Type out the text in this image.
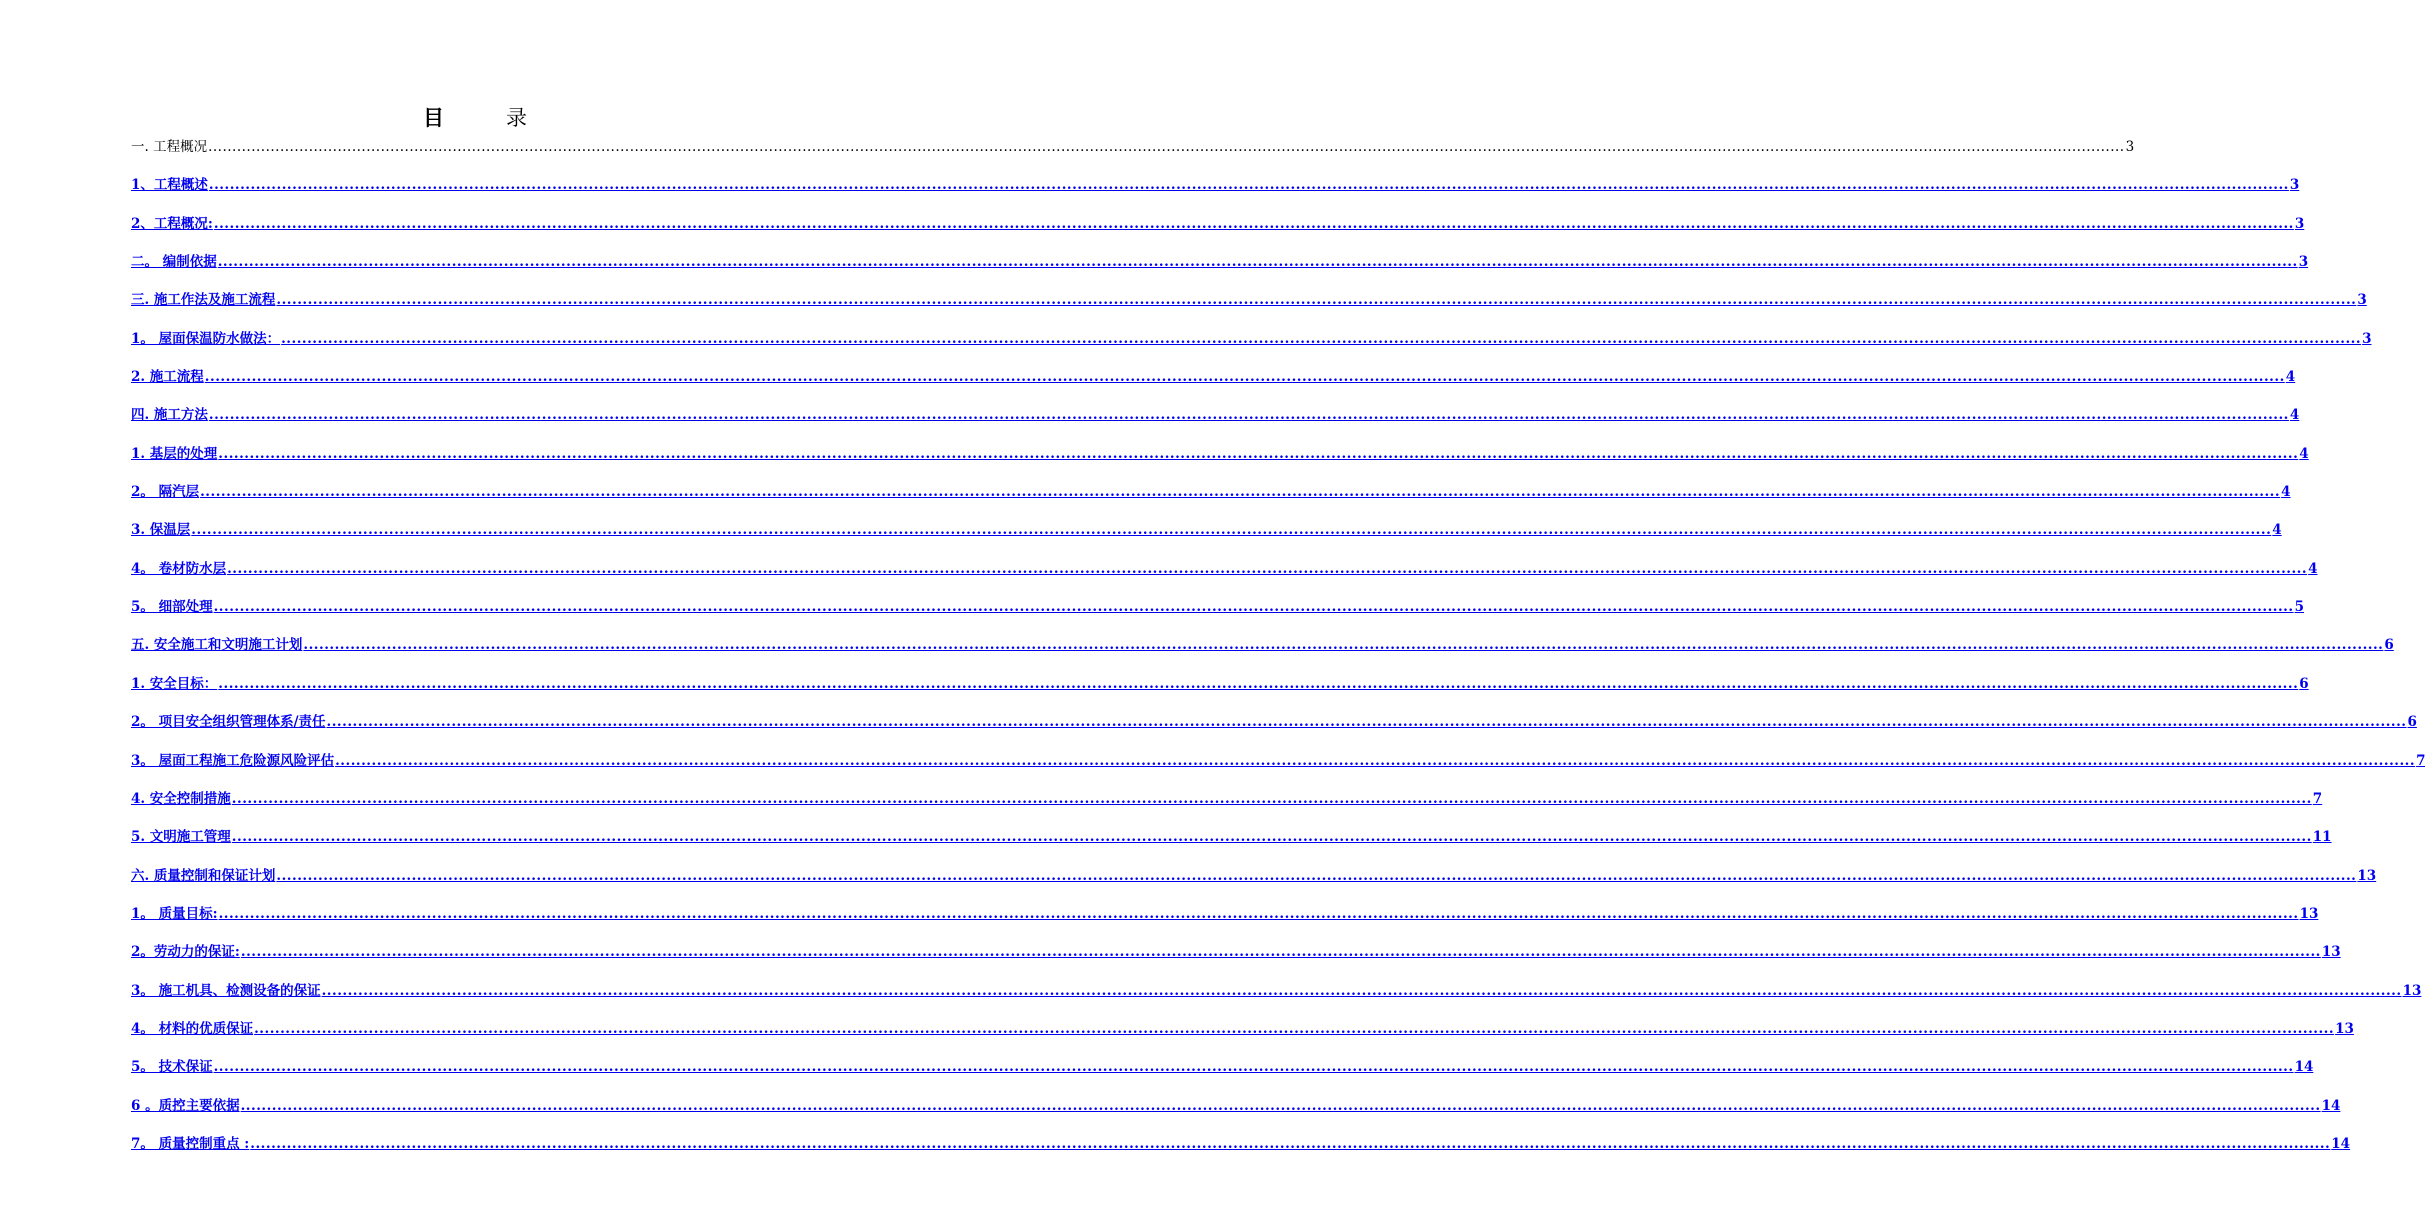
目	录
一. 工程概况 ................................................................................................................................................................................................................................................................................................................................................................................................................ 3
1、工程概述 ................................................................................................................................................................................................................................................................................................................................................................................................................ 3
2、工程概况: ................................................................................................................................................................................................................................................................................................................................................................................................................ 3
二。 编制依据 ................................................................................................................................................................................................................................................................................................................................................................................................................ 3
三. 施工作法及施工流程 ................................................................................................................................................................................................................................................................................................................................................................................................................ 3
1。 屋面保温防水做法： ................................................................................................................................................................................................................................................................................................................................................................................................................ 3
2. 施工流程 ................................................................................................................................................................................................................................................................................................................................................................................................................ 4
四. 施工方法 ................................................................................................................................................................................................................................................................................................................................................................................................................ 4
1. 基层的处理 ................................................................................................................................................................................................................................................................................................................................................................................................................ 4
2。 隔汽层 ................................................................................................................................................................................................................................................................................................................................................................................................................ 4
3. 保温层 ................................................................................................................................................................................................................................................................................................................................................................................................................ 4
4。 卷材防水层 ................................................................................................................................................................................................................................................................................................................................................................................................................ 4
5。 细部处理 ................................................................................................................................................................................................................................................................................................................................................................................................................ 5
五. 安全施工和文明施工计划 ................................................................................................................................................................................................................................................................................................................................................................................................................ 6
1. 安全目标： ................................................................................................................................................................................................................................................................................................................................................................................................................ 6
2。 项目安全组织管理体系/责任 ................................................................................................................................................................................................................................................................................................................................................................................................................ 6
3。 屋面工程施工危险源风险评估 ................................................................................................................................................................................................................................................................................................................................................................................................................ 7
4. 安全控制措施 ................................................................................................................................................................................................................................................................................................................................................................................................................ 7
5. 文明施工管理 ................................................................................................................................................................................................................................................................................................................................................................................................................ 11
六. 质量控制和保证计划 ................................................................................................................................................................................................................................................................................................................................................................................................................ 13
1。 质量目标: ................................................................................................................................................................................................................................................................................................................................................................................................................ 13
2。劳动力的保证: ................................................................................................................................................................................................................................................................................................................................................................................................................ 13
3。 施工机具、检测设备的保证 ................................................................................................................................................................................................................................................................................................................................................................................................................ 13
4。 材料的优质保证 ................................................................................................................................................................................................................................................................................................................................................................................................................ 13
5。 技术保证 ................................................................................................................................................................................................................................................................................................................................................................................................................ 14
6 。质控主要依据 ................................................................................................................................................................................................................................................................................................................................................................................................................ 14
7。 质量控制重点 : ................................................................................................................................................................................................................................................................................................................................................................................................................ 14
